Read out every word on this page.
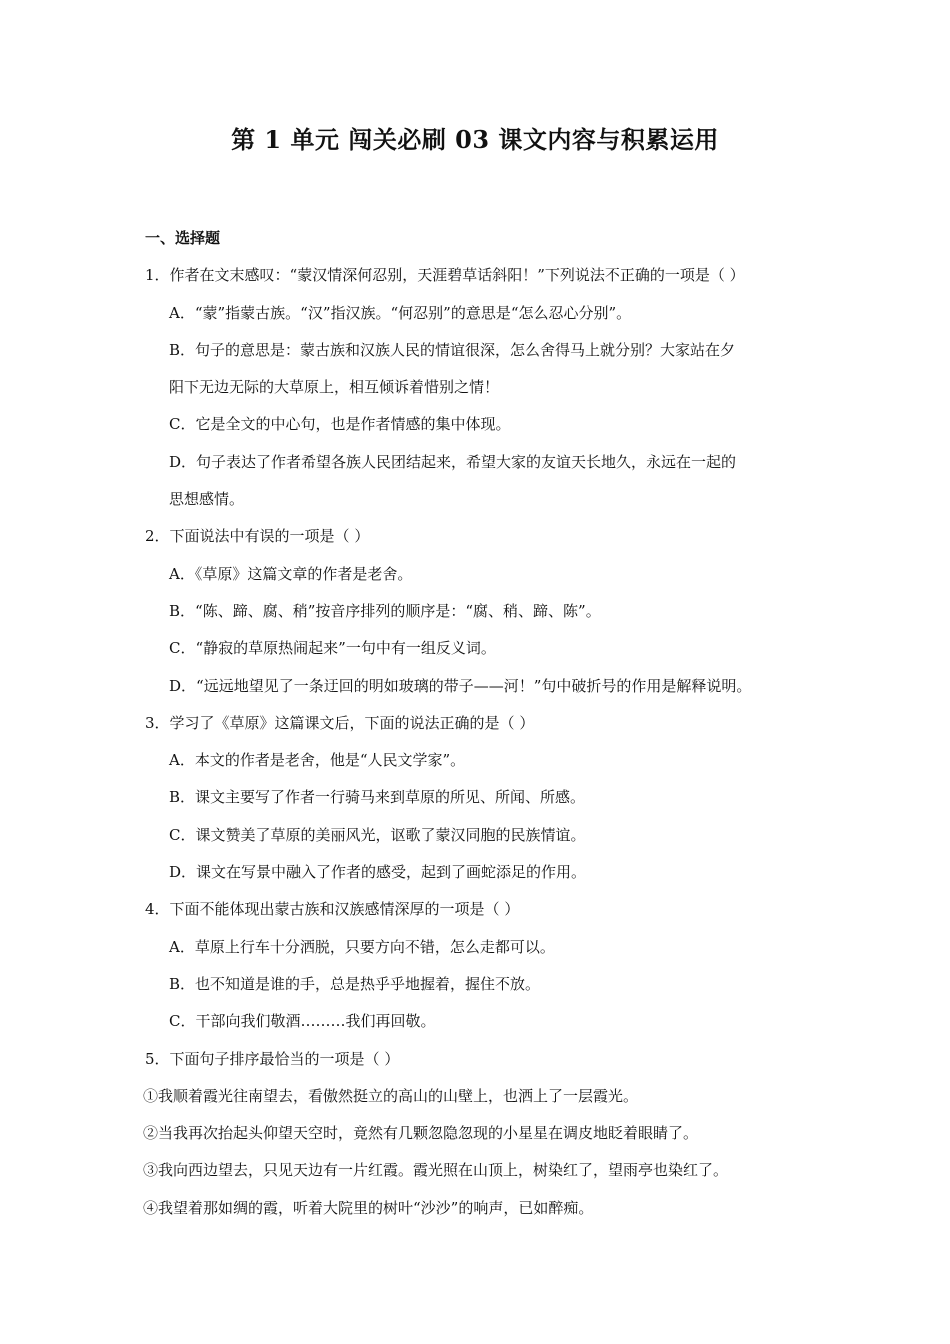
第 1 单元 闯关必刷 03 课文内容与积累运用
一、选择题
1．作者在文末感叹：“蒙汉情深何忍别，天涯碧草话斜阳！”下列说法不正确的一项是（ ）
A．“蒙”指蒙古族。“汉”指汉族。“何忍别”的意思是“怎么忍心分别”。
B．句子的意思是：蒙古族和汉族人民的情谊很深，怎么舍得马上就分别？大家站在夕
阳下无边无际的大草原上，相互倾诉着惜别之情！
C．它是全文的中心句，也是作者情感的集中体现。
D．句子表达了作者希望各族人民团结起来，希望大家的友谊天长地久，永远在一起的
思想感情。
2．下面说法中有误的一项是（ ）
A．《草原》这篇文章的作者是老舍。
B．“陈、蹄、腐、稍”按音序排列的顺序是：“腐、稍、蹄、陈”。
C．“静寂的草原热闹起来”一句中有一组反义词。
D．“远远地望见了一条迂回的明如玻璃的带子——河！”句中破折号的作用是解释说明。
3．学习了《草原》这篇课文后，下面的说法正确的是（ ）
A．本文的作者是老舍，他是“人民文学家”。
B．课文主要写了作者一行骑马来到草原的所见、所闻、所感。
C．课文赞美了草原的美丽风光，讴歌了蒙汉同胞的民族情谊。
D．课文在写景中融入了作者的感受，起到了画蛇添足的作用。
4．下面不能体现出蒙古族和汉族感情深厚的一项是（ ）
A．草原上行车十分洒脱，只要方向不错，怎么走都可以。
B．也不知道是谁的手，总是热乎乎地握着，握住不放。
C．干部向我们敬酒………我们再回敬。
5．下面句子排序最恰当的一项是（ ）
①我顺着霞光往南望去，看傲然挺立的高山的山壁上，也洒上了一层霞光。
②当我再次抬起头仰望天空时，竟然有几颗忽隐忽现的小星星在调皮地眨着眼睛了。
③我向西边望去，只见天边有一片红霞。霞光照在山顶上，树染红了，望雨亭也染红了。
④我望着那如绸的霞，听着大院里的树叶“沙沙”的响声，已如醉痴。
